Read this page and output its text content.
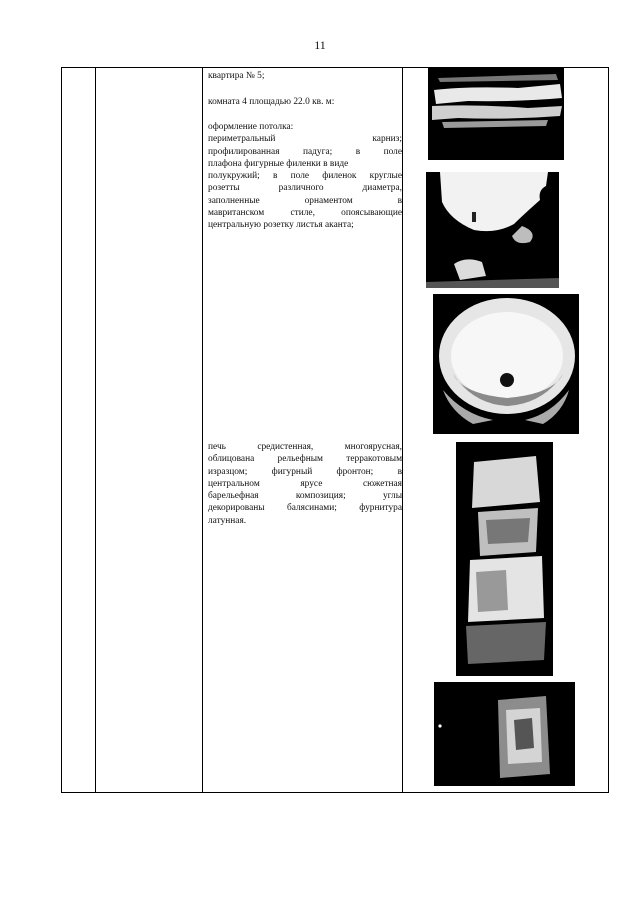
11

квартира № 5;

комната 4 площадью 22.0 кв. м:

оформление потолка:

периметральный карниз;

профилированная падуга; в поле

плафона фигурные филенки в виде

полукружий; в поле филенок круглые

розетты различного диаметра,

заполненные орнаментом в

мавританском стиле, опоясывающие

центральную розетку листья аканта;

печь средистенная, многоярусная,

облицована рельефным терракотовым

изразцом; фигурный фронтон; в

центральном ярусе сюжетная

барельефная композиция; углы

декорированы балясинами; фурнитура

латунная.
